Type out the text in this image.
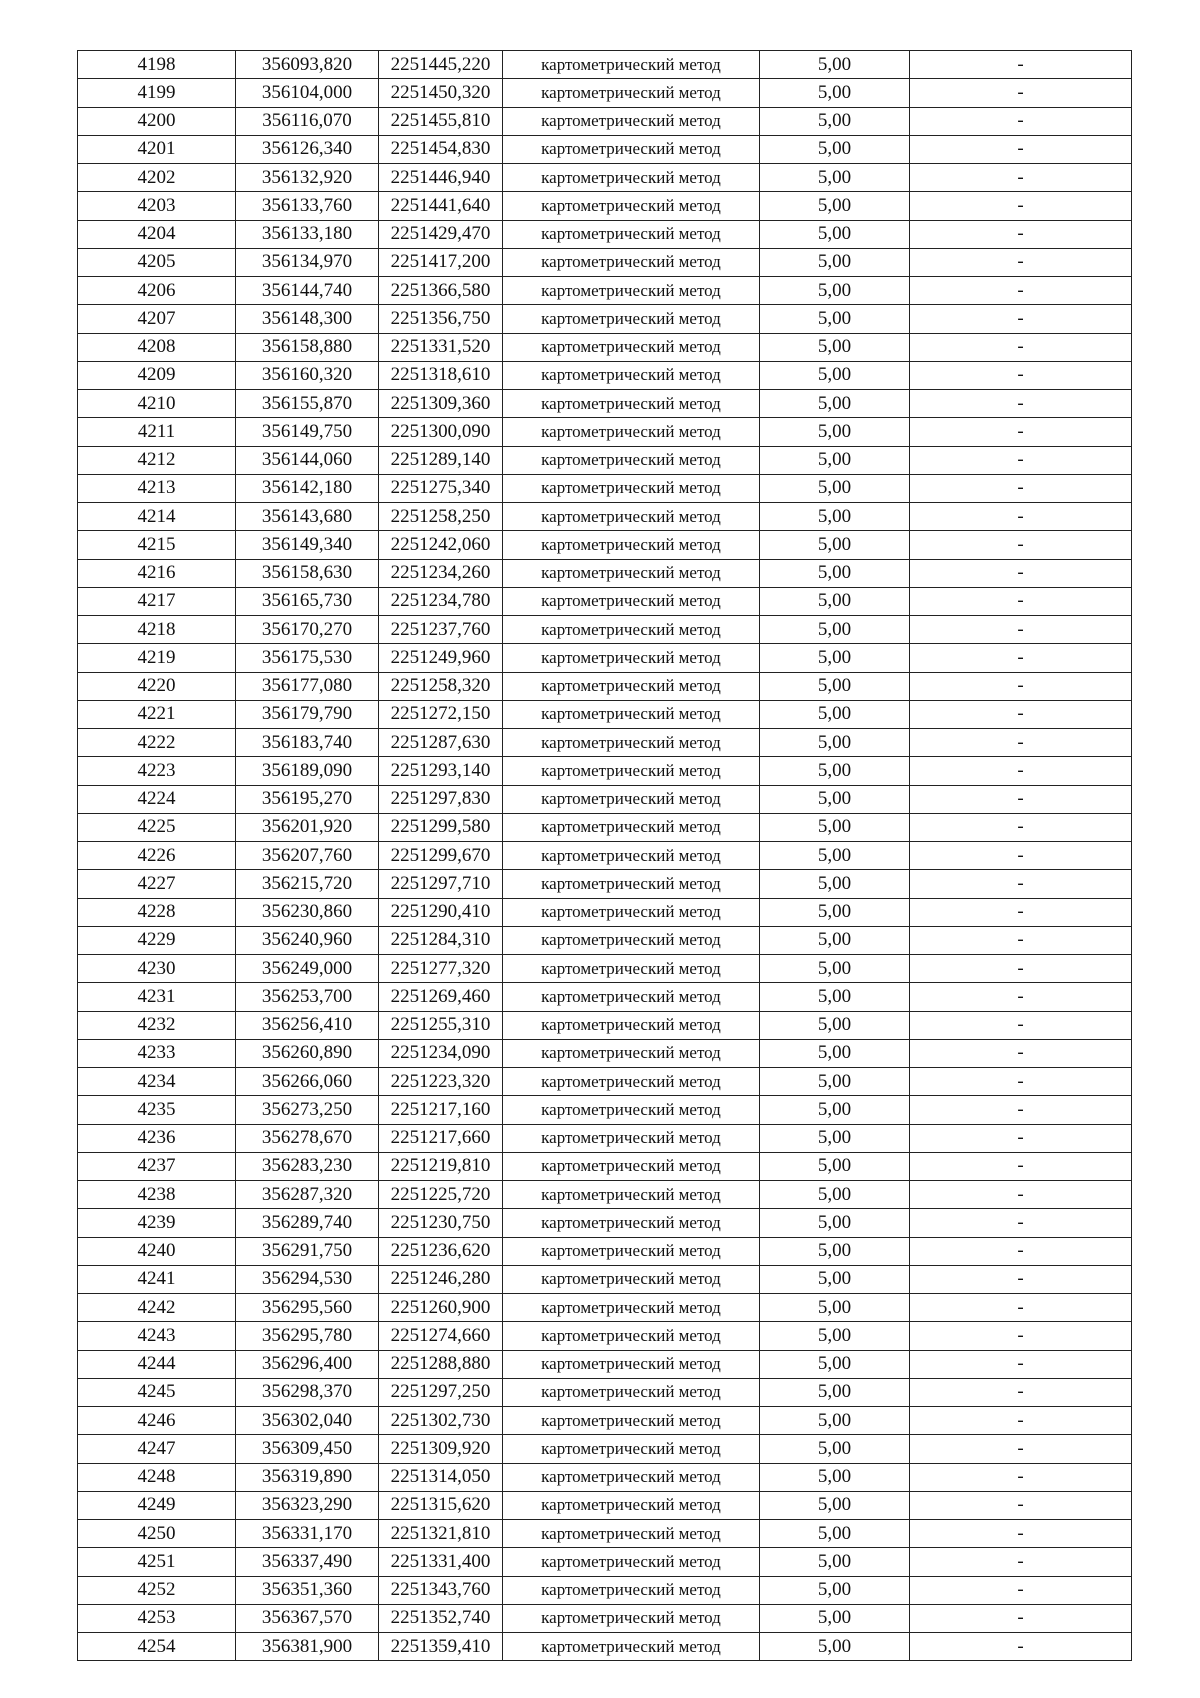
4198	356093,820	2251445,220	картометрический метод	5,00	-
4199	356104,000	2251450,320	картометрический метод	5,00	-
4200	356116,070	2251455,810	картометрический метод	5,00	-
4201	356126,340	2251454,830	картометрический метод	5,00	-
4202	356132,920	2251446,940	картометрический метод	5,00	-
4203	356133,760	2251441,640	картометрический метод	5,00	-
4204	356133,180	2251429,470	картометрический метод	5,00	-
4205	356134,970	2251417,200	картометрический метод	5,00	-
4206	356144,740	2251366,580	картометрический метод	5,00	-
4207	356148,300	2251356,750	картометрический метод	5,00	-
4208	356158,880	2251331,520	картометрический метод	5,00	-
4209	356160,320	2251318,610	картометрический метод	5,00	-
4210	356155,870	2251309,360	картометрический метод	5,00	-
4211	356149,750	2251300,090	картометрический метод	5,00	-
4212	356144,060	2251289,140	картометрический метод	5,00	-
4213	356142,180	2251275,340	картометрический метод	5,00	-
4214	356143,680	2251258,250	картометрический метод	5,00	-
4215	356149,340	2251242,060	картометрический метод	5,00	-
4216	356158,630	2251234,260	картометрический метод	5,00	-
4217	356165,730	2251234,780	картометрический метод	5,00	-
4218	356170,270	2251237,760	картометрический метод	5,00	-
4219	356175,530	2251249,960	картометрический метод	5,00	-
4220	356177,080	2251258,320	картометрический метод	5,00	-
4221	356179,790	2251272,150	картометрический метод	5,00	-
4222	356183,740	2251287,630	картометрический метод	5,00	-
4223	356189,090	2251293,140	картометрический метод	5,00	-
4224	356195,270	2251297,830	картометрический метод	5,00	-
4225	356201,920	2251299,580	картометрический метод	5,00	-
4226	356207,760	2251299,670	картометрический метод	5,00	-
4227	356215,720	2251297,710	картометрический метод	5,00	-
4228	356230,860	2251290,410	картометрический метод	5,00	-
4229	356240,960	2251284,310	картометрический метод	5,00	-
4230	356249,000	2251277,320	картометрический метод	5,00	-
4231	356253,700	2251269,460	картометрический метод	5,00	-
4232	356256,410	2251255,310	картометрический метод	5,00	-
4233	356260,890	2251234,090	картометрический метод	5,00	-
4234	356266,060	2251223,320	картометрический метод	5,00	-
4235	356273,250	2251217,160	картометрический метод	5,00	-
4236	356278,670	2251217,660	картометрический метод	5,00	-
4237	356283,230	2251219,810	картометрический метод	5,00	-
4238	356287,320	2251225,720	картометрический метод	5,00	-
4239	356289,740	2251230,750	картометрический метод	5,00	-
4240	356291,750	2251236,620	картометрический метод	5,00	-
4241	356294,530	2251246,280	картометрический метод	5,00	-
4242	356295,560	2251260,900	картометрический метод	5,00	-
4243	356295,780	2251274,660	картометрический метод	5,00	-
4244	356296,400	2251288,880	картометрический метод	5,00	-
4245	356298,370	2251297,250	картометрический метод	5,00	-
4246	356302,040	2251302,730	картометрический метод	5,00	-
4247	356309,450	2251309,920	картометрический метод	5,00	-
4248	356319,890	2251314,050	картометрический метод	5,00	-
4249	356323,290	2251315,620	картометрический метод	5,00	-
4250	356331,170	2251321,810	картометрический метод	5,00	-
4251	356337,490	2251331,400	картометрический метод	5,00	-
4252	356351,360	2251343,760	картометрический метод	5,00	-
4253	356367,570	2251352,740	картометрический метод	5,00	-
4254	356381,900	2251359,410	картометрический метод	5,00	-
